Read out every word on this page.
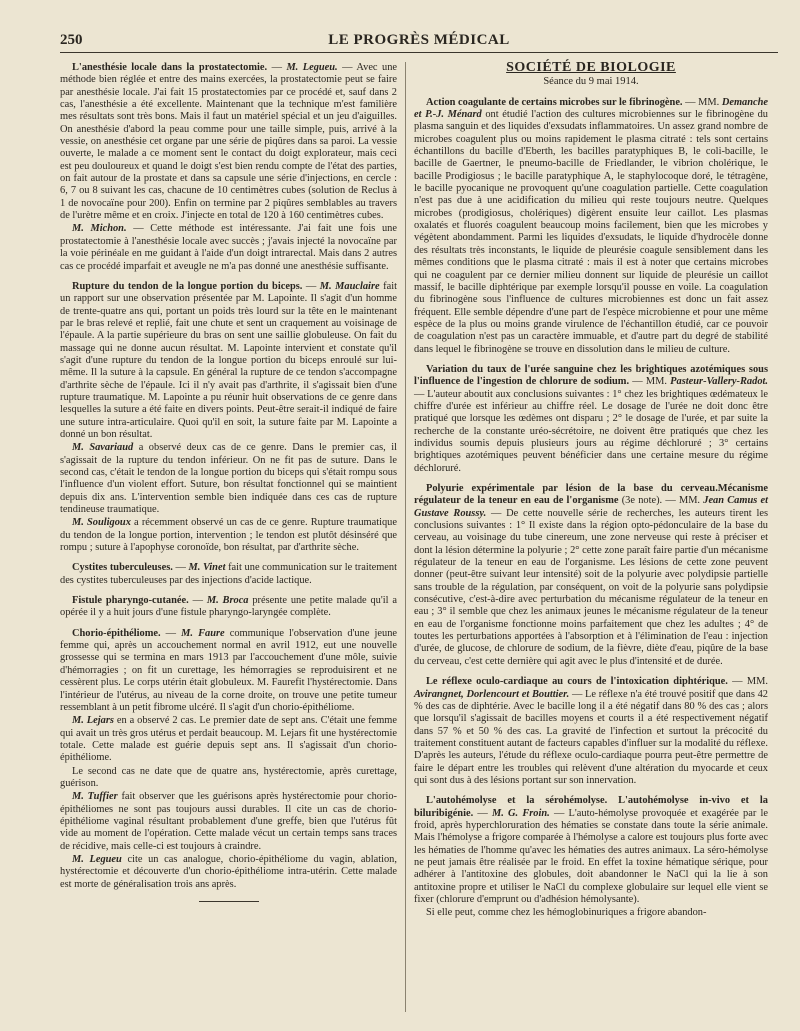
250	LE PROGRÈS MÉDICAL

L'anesthésie locale dans la prostatectomie. — M. Legueu. — Avec une méthode bien réglée et entre des mains exercées, la prostatectomie peut se faire par anesthésie locale. J'ai fait 15 prostatectomies par ce procédé et, sauf dans 2 cas, l'anesthésie a été excellente. Maintenant que la technique m'est familière mes résultats sont très bons. Mais il faut un matériel spécial et un jeu d'aiguilles. On anesthésie d'abord la peau comme pour une taille simple, puis, arrivé à la vessie, on anesthésie cet organe par une série de piqûres dans sa paroi. La vessie ouverte, le malade a ce moment sent le contact du doigt explorateur, mais ceci est peu douloureux et quand le doigt s'est bien rendu compte de l'état des parties, on fait autour de la prostate et dans sa capsule une série d'injections, en cercle : 6, 7 ou 8 suivant les cas, chacune de 10 centimètres cubes (solution de Reclus à 1 de novocaïne pour 200). Enfin on termine par 2 piqûres semblables au travers de l'urètre même et en croix. J'injecte en total de 120 à 160 centimètres cubes.

M. Michon. — Cette méthode est intéressante. J'ai fait une fois une prostatectomie à l'anesthésie locale avec succès ; j'avais injecté la novocaïne par la voie périnéale en me guidant à l'aide d'un doigt intrarectal. Mais dans 2 autres cas ce procédé imparfait et aveugle ne m'a pas donné une anesthésie suffisante.

Rupture du tendon de la longue portion du biceps. — M. Mauclaire fait un rapport sur une observation présentée par M. Lapointe. Il s'agit d'un homme de trente-quatre ans qui, portant un poids très lourd sur la tête en le maintenant par le bras relevé et replié, fait une chute et sent un craquement au voisinage de l'épaule. A la partie supérieure du bras on sent une saillie globuleuse. On fait du massage qui ne donne aucun résultat. M. Lapointe intervient et constate qu'il s'agit d'une rupture du tendon de la longue portion du biceps enroulé sur lui-même. Il la suture à la capsule. En général la rupture de ce tendon s'accompagne d'arthrite sèche de l'épaule. Ici il n'y avait pas d'arthrite, il s'agissait bien d'une rupture traumatique. M. Lapointe a pu réunir huit observations de ce genre dans lesquelles la suture a été faite en divers points. Peut-être serait-il indiqué de faire une suture intra-articulaire. Quoi qu'il en soit, la suture faite par M. Lapointe a donné un bon résultat.

M. Savariaud a observé deux cas de ce genre. Dans le premier cas, il s'agissait de la rupture du tendon inférieur. On ne fit pas de suture. Dans le second cas, c'était le tendon de la longue portion du biceps qui s'était rompu sous l'influence d'un violent effort. Suture, bon résultat fonctionnel qui se maintient depuis dix ans. L'intervention semble bien indiquée dans ces cas de rupture tendineuse traumatique.

M. Souligoux a récemment observé un cas de ce genre. Rupture traumatique du tendon de la longue portion, intervention ; le tendon est plutôt désinséré que rompu ; suture à l'apophyse coronoïde, bon résultat, par d'arthrite sèche.

Cystites tuberculeuses. — M. Vinet fait une communication sur le traitement des cystites tuberculeuses par des injections d'acide lactique.

Fistule pharyngo-cutanée. — M. Broca présente une petite malade qu'il a opérée il y a huit jours d'une fistule pharyngo-laryngée complète.

Chorio-épithéliome. — M. Faure communique l'observation d'une jeune femme qui, après un accouchement normal en avril 1912, eut une nouvelle grossesse qui se termina en mars 1913 par l'accouchement d'une môle, suivie d'hémorragies ; on fit un curettage, les hémorragies se reproduisirent et ne cessèrent plus. Le corps utérin était globuleux. M. Faurefit l'hystérectomie. Dans l'intérieur de l'utérus, au niveau de la corne droite, on trouve une petite tumeur ressemblant à un petit fibrome ulcéré. Il s'agit d'un chorio-épithéliome.

M. Lejars en a observé 2 cas. Le premier date de sept ans. C'était une femme qui avait un très gros utérus et perdait beaucoup. M. Lejars fit une hystérectomie totale. Cette malade est guérie depuis sept ans. Il s'agissait d'un chorio-épithéliome.

Le second cas ne date que de quatre ans, hystérectomie, après curettage, guérison.

M. Tuffier fait observer que les guérisons après hystérectomie pour chorio-épithéliomes ne sont pas toujours aussi durables. Il cite un cas de chorio-épithéliome vaginal résultant probablement d'une greffe, bien que l'utérus fût vide au moment de l'opération. Cette malade vécut un certain temps sans traces de récidive, mais celle-ci est toujours à craindre.

M. Legueu cite un cas analogue, chorio-épithéliome du vagin, ablation, hystérectomie et découverte d'un chorio-épithéliome intra-utérin. Cette malade est morte de généralisation trois ans après.

SOCIÉTÉ DE BIOLOGIE
Séance du 9 mai 1914.

Action coagulante de certains microbes sur le fibrinogène. — MM. Demanche et P.-J. Ménard ont étudié l'action des cultures microbiennes sur le fibrinogène du plasma sanguin et des liquides d'exsudats inflammatoires. Un assez grand nombre de microbes coagulent plus ou moins rapidement le plasma citraté : tels sont certains échantillons du bacille d'Eberth, les bacilles paratyphiques B, le coli-bacille, le bacille de Gaertner, le pneumo-bacille de Friedlander, le vibrion cholérique, le bacille Prodigiosus ; le bacille paratyphique A, le staphylocoque doré, le tétragène, le bacille pyocanique ne provoquent qu'une coagulation partielle. Cette coagulation n'est pas due à une acidification du milieu qui reste toujours neutre. Quelques microbes (prodigiosus, cholériques) digèrent ensuite leur caillot. Les plasmas oxalatés et fluorés coagulent beaucoup moins facilement, bien que les microbes y végètent abondamment. Parmi les liquides d'exsudats, le liquide d'hydrocèle donne des résultats très inconstants, le liquide de pleurésie coagule sensiblement dans les mêmes conditions que le plasma citraté : mais il est à noter que certains microbes qui ne coagulent par ce dernier milieu donnent sur liquide de pleurésie un caillot massif, le bacille diphtérique par exemple lorsqu'il pousse en voile. La coagulation du fibrinogène sous l'influence de cultures microbiennes est donc un fait assez fréquent. Elle semble dépendre d'une part de l'espèce microbienne et pour une même espèce de la plus ou moins grande virulence de l'échantillon étudié, car ce pouvoir de coagulation n'est pas un caractère immuable, et d'autre part du degré de stabilité dans lequel le fibrinogène se trouve en dissolution dans le milieu de culture.

Variation du taux de l'urée sanguine chez les brightiques azotémiques sous l'influence de l'ingestion de chlorure de sodium. — MM. Pasteur-Vallery-Radot. — L'auteur aboutit aux conclusions suivantes : 1° chez les brightiques œdémateux le chiffre d'urée est inférieur au chiffre réel. Le dosage de l'urée ne doit donc être pratiqué que lorsque les œdèmes ont disparu ; 2° le dosage de l'urée, et par suite la recherche de la constante uréo-sécrétoire, ne doivent être pratiqués que chez les individus soumis depuis plusieurs jours au régime déchloruré ; 3° certains brightiques azotémiques peuvent bénéficier dans une certaine mesure du régime déchloruré.

Polyurie expérimentale par lésion de la base du cerveau.Mécanisme régulateur de la teneur en eau de l'organisme (3e note). — MM. Jean Camus et Gustave Roussy. — De cette nouvelle série de recherches, les auteurs tirent les conclusions suivantes : 1° Il existe dans la région opto-pédonculaire de la base du cerveau, au voisinage du tube cinereum, une zone nerveuse qui reste à préciser et dont la lésion détermine la polyurie ; 2° cette zone paraît faire partie d'un mécanisme régulateur de la teneur en eau de l'organisme. Les lésions de cette zone peuvent donner (peut-être suivant leur intensité) soit de la polyurie avec polydipsie partielle sans trouble de la régulation, par conséquent, on voit de la polyurie sans polydipsie consécutive, c'est-à-dire avec perturbation du mécanisme régulateur de la teneur en eau ; 3° il semble que chez les animaux jeunes le mécanisme régulateur de la teneur en eau de l'organisme fonctionne moins parfaitement que chez les adultes ; 4° de toutes les perturbations apportées à l'absorption et à l'élimination de l'eau : injection d'urée, de glucose, de chlorure de sodium, de la fièvre, diète d'eau, piqûre de la base du cerveau, c'est cette dernière qui agit avec le plus d'intensité et de durée.

Le réflexe oculo-cardiaque au cours de l'intoxication diphtérique. — MM. Avirangnet, Dorlencourt et Bouttier. — Le réflexe n'a été trouvé positif que dans 42 % des cas de diphtérie. Avec le bacille long il a été négatif dans 80 % des cas ; alors que lorsqu'il s'agissait de bacilles moyens et courts il a été respectivement négatif dans 57 % et 50 % des cas. La gravité de l'infection et surtout la précocité du traitement constituent autant de facteurs capables d'influer sur la modalité du réflexe. D'après les auteurs, l'étude du réflexe oculo-cardiaque pourra peut-être permettre de faire le départ entre les troubles qui relèvent d'une altération du myocarde et ceux qui sont dus à des lésions portant sur son innervation.

L'autohémolyse et la sérohémolyse. L'autohémolyse in-vivo et la biluribigénie. — M. G. Froin. — L'auto-hémolyse provoquée et exagérée par le froid, après hyperchloruration des hématies se constate dans toute la série animale. Mais l'hémolyse a frigore comparée à l'hémolyse a calore est toujours plus forte avec les hématies de l'homme qu'avec les hématies des autres animaux. La séro-hémolyse ne peut jamais être réalisée par le froid. En effet la toxine hématique sérique, pour adhérer à l'antitoxine des globules, doit abandonner le NaCl qui la lie à son antitoxine propre et utiliser le NaCl du complexe globulaire sur lequel elle vient se fixer (chlorure d'emprunt ou d'adhésion hémolysante).

Si elle peut, comme chez les hémoglobinuriques a frigore abandon-
